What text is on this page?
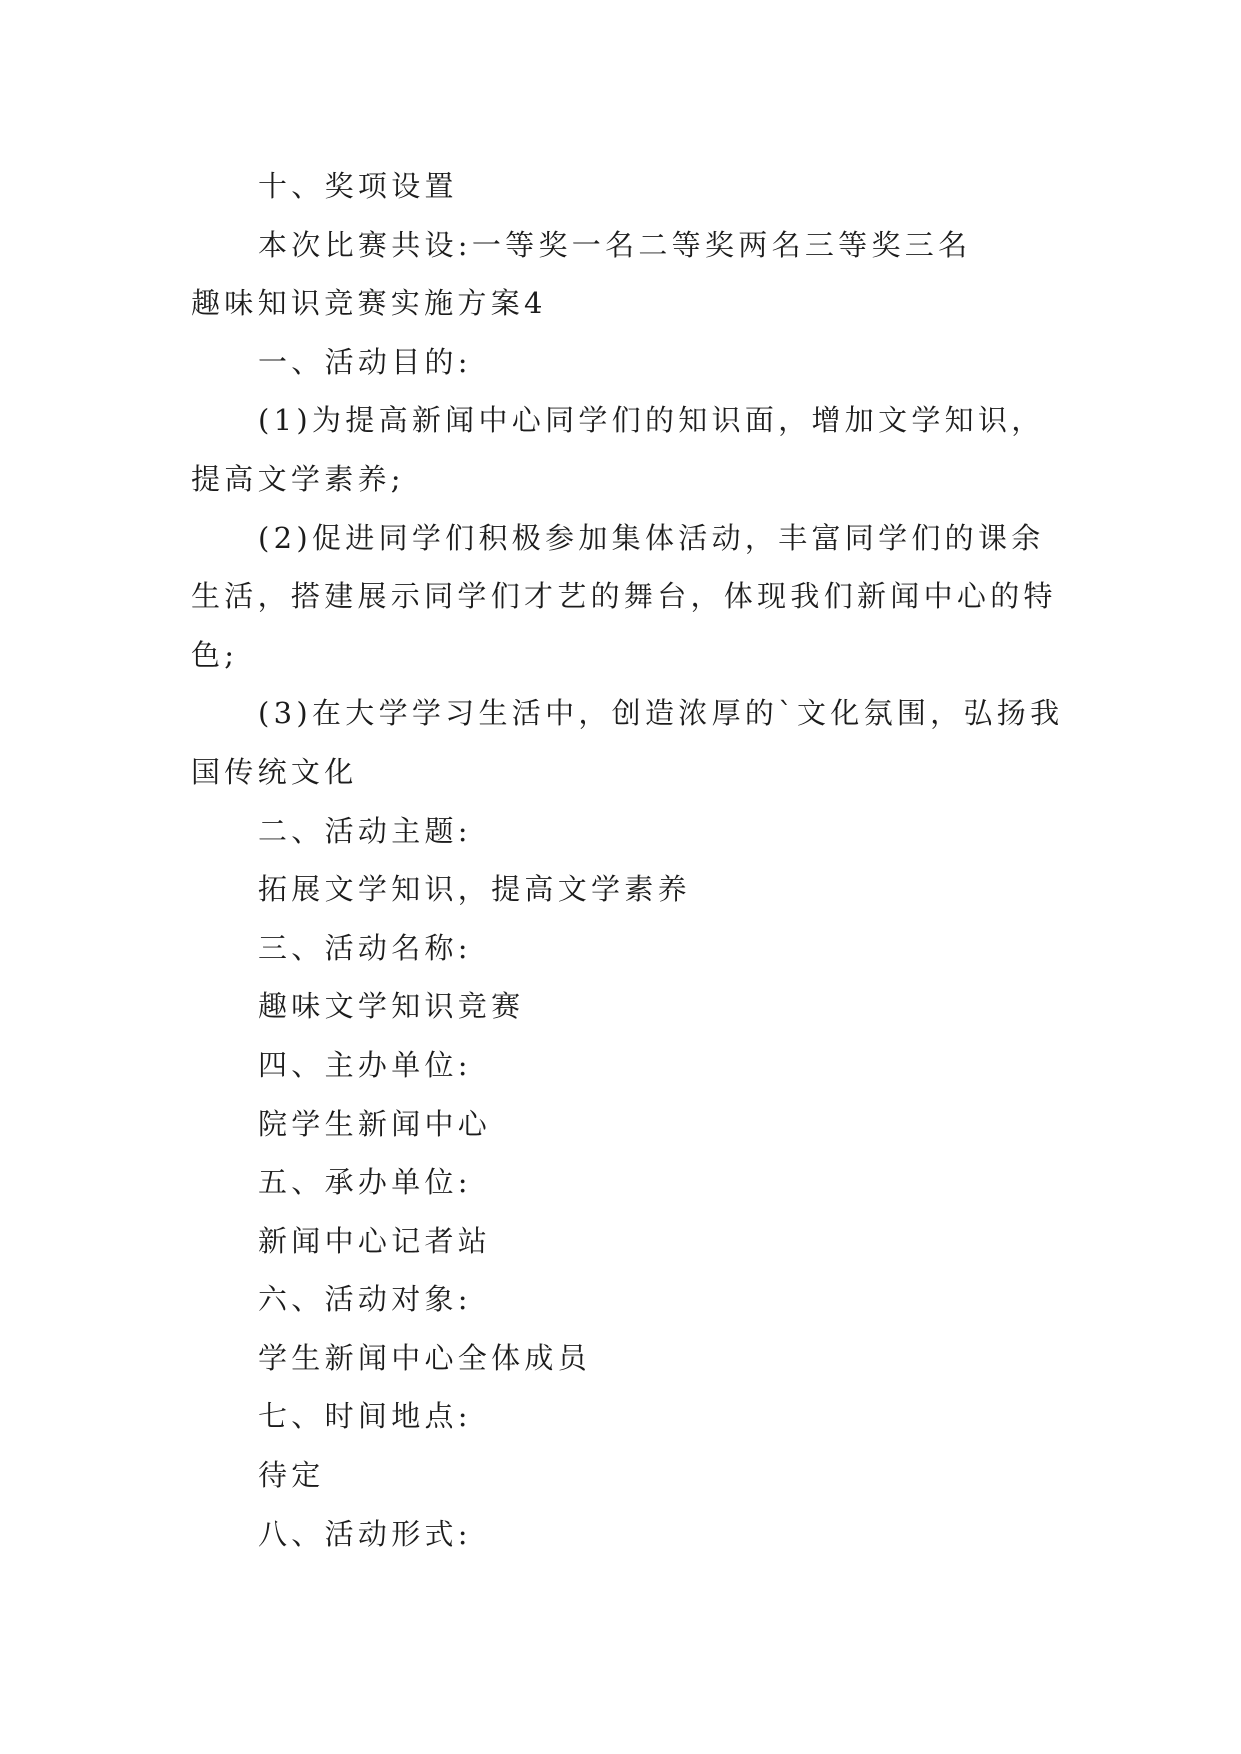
十、奖项设置
本次比赛共设:一等奖一名二等奖两名三等奖三名
趣味知识竞赛实施方案4
一、活动目的:
(1)为提高新闻中心同学们的知识面，增加文学知识，
提高文学素养;
(2)促进同学们积极参加集体活动，丰富同学们的课余
生活，搭建展示同学们才艺的舞台，体现我们新闻中心的特
色;
(3)在大学学习生活中，创造浓厚的`文化氛围，弘扬我
国传统文化
二、活动主题:
拓展文学知识，提高文学素养
三、活动名称:
趣味文学知识竞赛
四、主办单位:
院学生新闻中心
五、承办单位:
新闻中心记者站
六、活动对象:
学生新闻中心全体成员
七、时间地点:
待定
八、活动形式:
